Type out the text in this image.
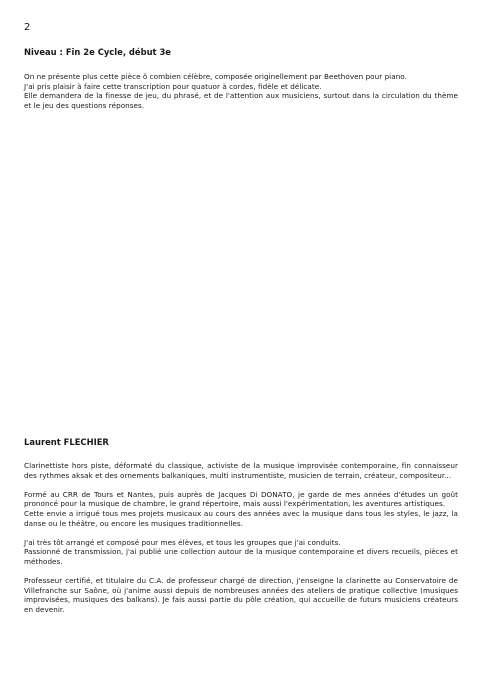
2

Niveau : Fin 2e Cycle, début 3e

On ne présente plus cette pièce ô combien célèbre, composée originellement par Beethoven pour piano.

J'ai pris plaisir à faire cette transcription pour quatuor à cordes, fidèle et délicate.

Elle demandera de la finesse de jeu, du phrasé, et de l'attention aux musiciens, surtout dans la circulation du thème et le jeu des questions réponses.

Laurent FLECHIER

Clarinettiste hors piste, déformaté du classique, activiste de la musique improvisée contemporaine, fin connaisseur des rythmes aksak et des ornements balkaniques, multi instrumentiste, musicien de terrain, créateur, compositeur...

Formé au CRR de Tours et Nantes, puis auprès de Jacques Di DONATO, je garde de mes années d'études un goût prononcé pour la musique de chambre, le grand répertoire, mais aussi l'expérimentation, les aventures artistiques.

Cette envie a irrigué tous mes projets musicaux au cours des années avec la musique dans tous les styles, le jazz, la danse ou le théâtre, ou encore les musiques traditionnelles.

J'ai très tôt arrangé et composé pour mes élèves, et tous les groupes que j'ai conduits.

Passionné de transmission, j'ai publié une collection autour de la musique contemporaine et divers recueils, pièces et méthodes.

Professeur certifié, et titulaire du C.A. de professeur chargé de direction, j'enseigne la clarinette au Conservatoire de Villefranche sur Saône, où j'anime aussi depuis de nombreuses années des ateliers de pratique collective (musiques improvisées, musiques des balkans). Je fais aussi partie du pôle création, qui accueille de futurs musiciens créateurs en devenir.
